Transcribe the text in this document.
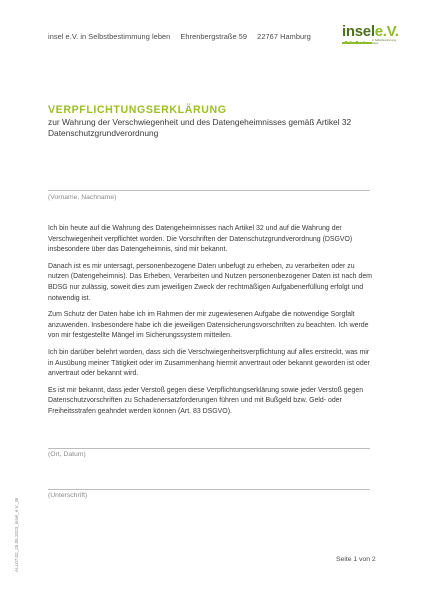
insel e.V. in Selbstbestimmung leben Ehrenbergstraße 59 22767 Hamburg	insele.V.
in Selbstbestimmung
leben
VERPFLICHTUNGSERKLÄRUNG
zur Wahrung der Verschwiegenheit und des Datengeheimnisses gemäß Artikel 32 Datenschutzgrundverordnung
(Vorname, Nachname)

Ich bin heute auf die Wahrung des Datengeheimnisses nach Artikel 32 und auf die Wahrung der Verschwiegenheit verpflichtet worden. Die Vorschriften der Datenschutzgrundverordnung (DSGVO) insbesondere über das Datengeheimnis, sind mir bekannt.

Danach ist es mir untersagt, personenbezogene Daten unbefugt zu erheben, zu verarbeiten oder zu nutzen (Datengeheimnis). Das Erheben, Verarbeiten und Nutzen personenbezogener Daten ist nach dem BDSG nur zulässig, soweit dies zum jeweiligen Zweck der rechtmäßigen Aufgabenerfüllung erfolgt und notwendig ist.

Zum Schutz der Daten habe ich im Rahmen der mir zugewiesenen Aufgabe die notwendige Sorgfalt anzuwenden. Insbesondere habe ich die jeweiligen Datensicherungsvorschriften zu beachten. Ich werde von mir festgestellte Mängel im Sicherungssystem mitteilen.

Ich bin darüber belehrt worden, dass sich die Verschwiegenheitsverpflichtung auf alles erstreckt, was mir in Ausübung meiner Tätigkeit oder im Zusammenhang hiermit anvertraut oder bekannt geworden ist oder anvertraut oder bekannt wird.

Es ist mir bekannt, dass jeder Verstoß gegen diese Verpflichtungserklärung sowie jeder Verstoß gegen Datenschutzvorschriften zu Schadenersatzforderungen führen und mit Bußgeld bzw. Geld- oder Freiheitsstrafen geahndet werden können (Art. 83 DSGVO).

(Ort, Datum)
(Unterschrift)
ALL07.02_25.05.2023_insel_e.V._BI	Seite 1 von 2
